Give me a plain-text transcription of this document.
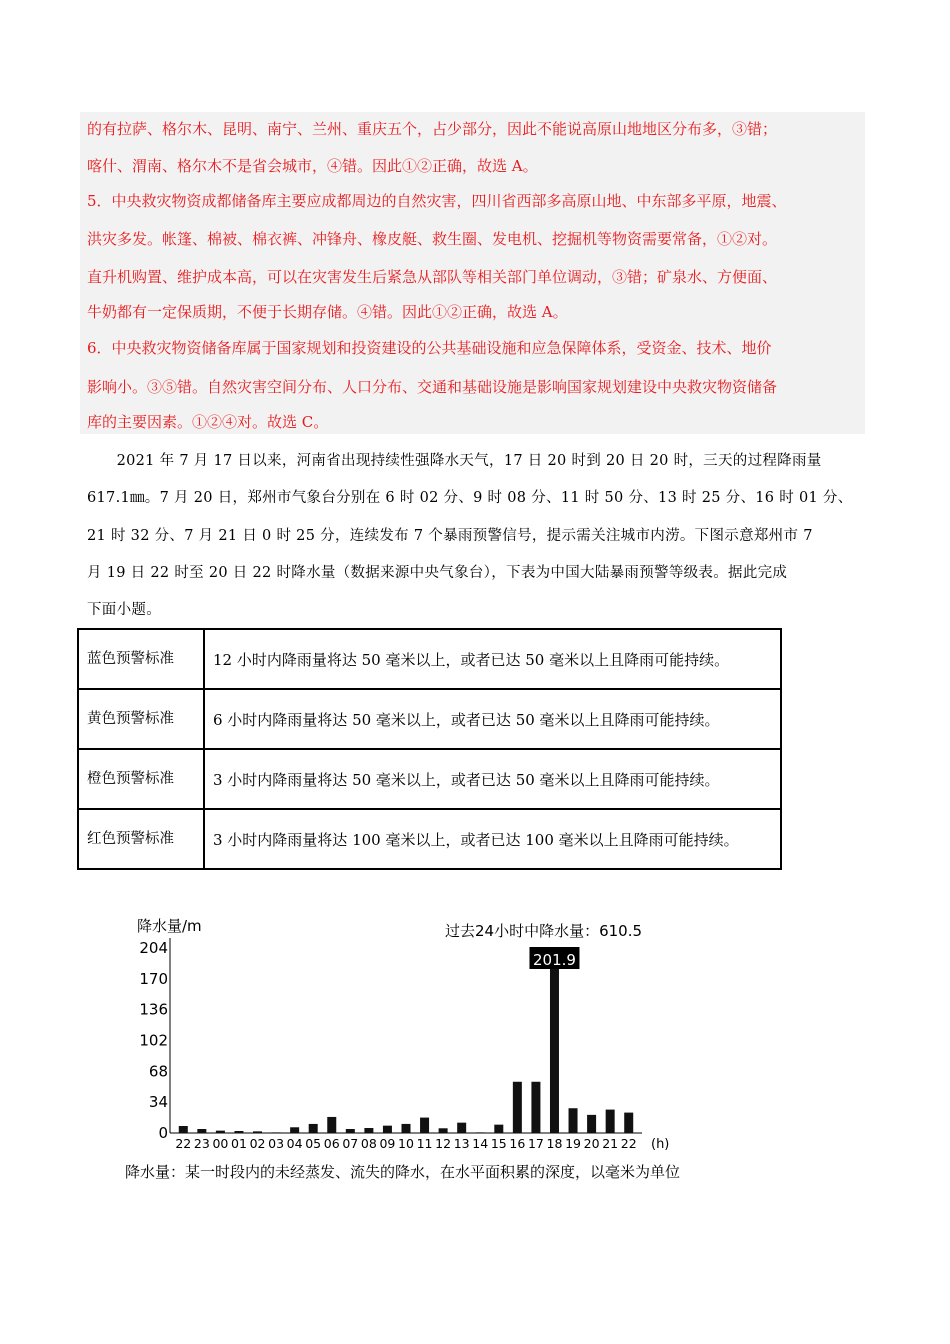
的有拉萨、格尔木、昆明、南宁、兰州、重庆五个，占少部分，因此不能说高原山地地区分布多，③错；
喀什、渭南、格尔木不是省会城市，④错。因此①②正确，故选 A。
5．中央救灾物资成都储备库主要应成都周边的自然灾害，四川省西部多高原山地、中东部多平原，地震、
洪灾多发。帐篷、棉被、棉衣裤、冲锋舟、橡皮艇、救生圈、发电机、挖掘机等物资需要常备，①②对。
直升机购置、维护成本高，可以在灾害发生后紧急从部队等相关部门单位调动，③错；矿泉水、方便面、
牛奶都有一定保质期，不便于长期存储。④错。因此①②正确，故选 A。
6．中央救灾物资储备库属于国家规划和投资建设的公共基础设施和应急保障体系，受资金、技术、地价
影响小。③⑤错。自然灾害空间分布、人口分布、交通和基础设施是影响国家规划建设中央救灾物资储备
库的主要因素。①②④对。故选 C。
　　2021 年 7 月 17 日以来，河南省出现持续性强降水天气，17 日 20 时到 20 日 20 时，三天的过程降雨量
617.1㎜。7 月 20 日，郑州市气象台分别在 6 时 02 分、9 时 08 分、11 时 50 分、13 时 25 分、16 时 01 分、
21 时 32 分、7 月 21 日 0 时 25 分，连续发布 7 个暴雨预警信号，提示需关注城市内涝。下图示意郑州市 7
月 19 日 22 时至 20 日 22 时降水量（数据来源中央气象台），下表为中国大陆暴雨预警等级表。据此完成
下面小题。
蓝色预警标准	12 小时内降雨量将达 50 毫米以上，或者已达 50 毫米以上且降雨可能持续。
黄色预警标准	6 小时内降雨量将达 50 毫米以上，或者已达 50 毫米以上且降雨可能持续。
橙色预警标准	3 小时内降雨量将达 50 毫米以上，或者已达 50 毫米以上且降雨可能持续。
红色预警标准	3 小时内降雨量将达 100 毫米以上，或者已达 100 毫米以上且降雨可能持续。
降水量/m	过去24小时中降水量：610.5
0
34
68
102
136
170
204
22 23 00 01 02 03 04 05 06 07 08 09 10 11 12 13 14 15 16 17 18
201.9
19 20 21 22 (h)
降水量：某一时段内的未经蒸发、流失的降水，在水平面积累的深度，以毫米为单位
